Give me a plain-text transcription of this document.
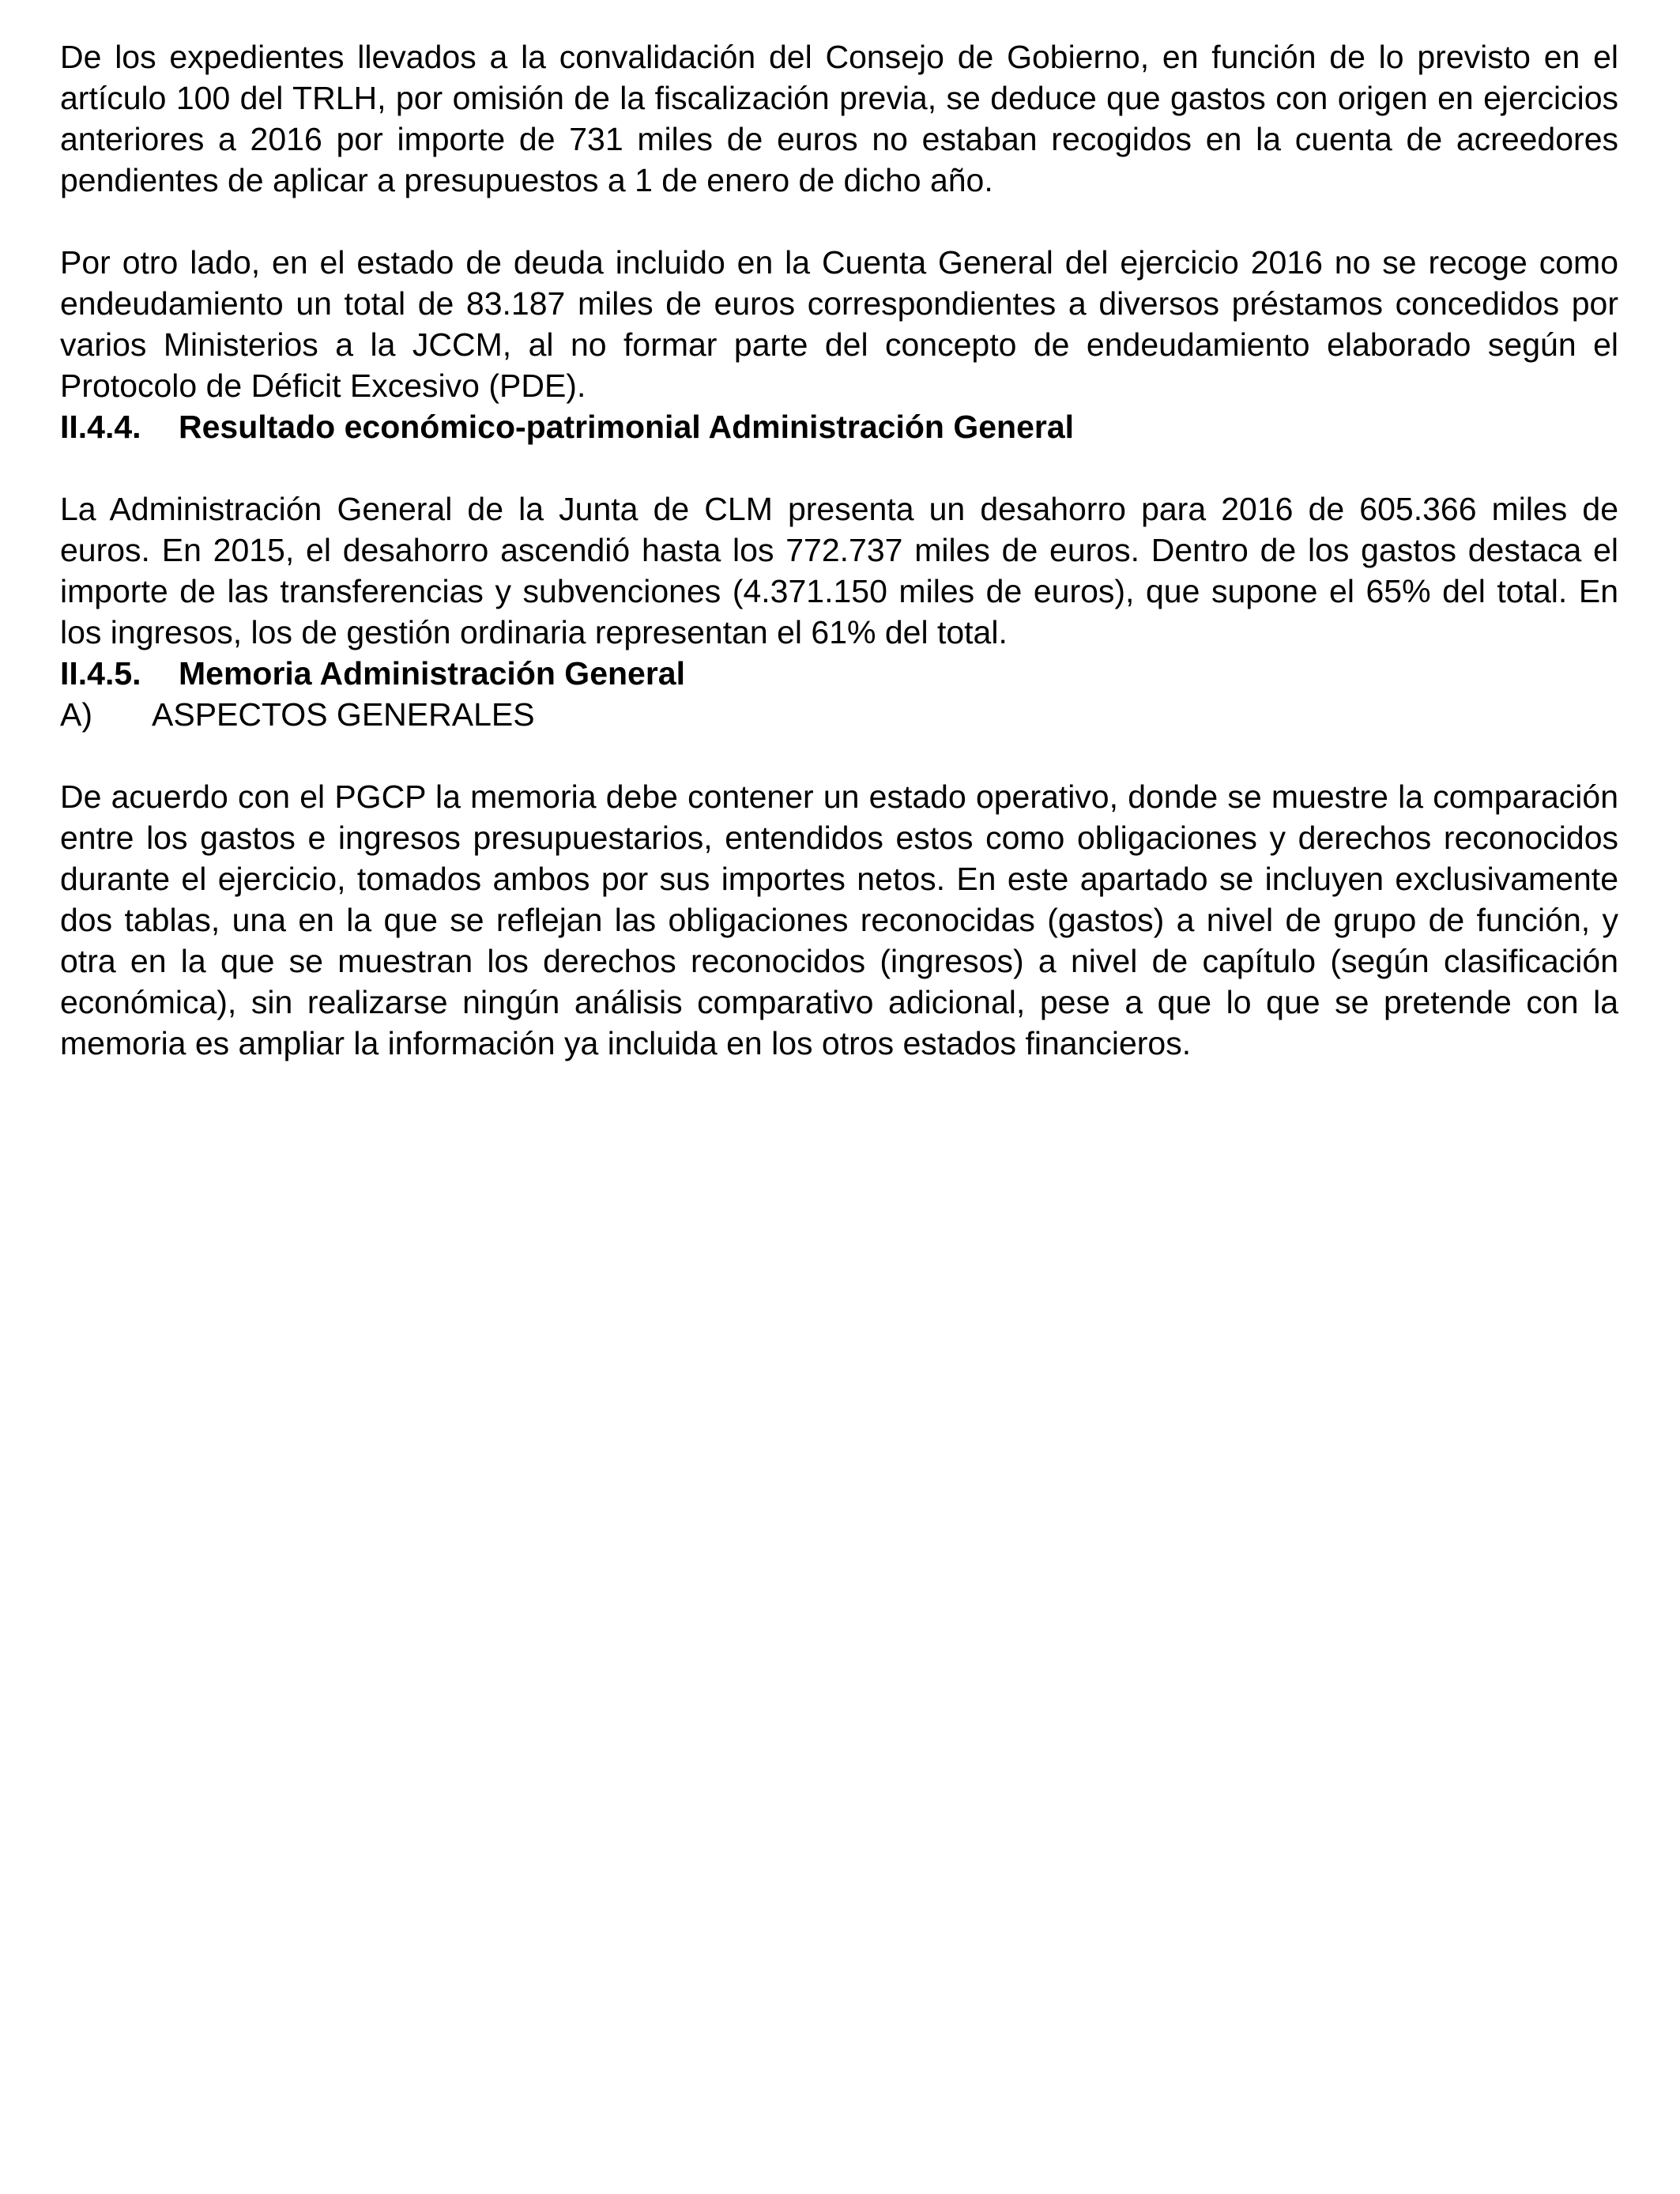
De los expedientes llevados a la convalidación del Consejo de Gobierno, en función de lo previsto en el artículo 100 del TRLH, por omisión de la fiscalización previa, se deduce que gastos con origen en ejercicios anteriores a 2016 por importe de 731 miles de euros no estaban recogidos en la cuenta de acreedores pendientes de aplicar a presupuestos a 1 de enero de dicho año.

Por otro lado, en el estado de deuda incluido en la Cuenta General del ejercicio 2016 no se recoge como endeudamiento un total de 83.187 miles de euros correspondientes a diversos préstamos concedidos por varios Ministerios a la JCCM, al no formar parte del concepto de endeudamiento elaborado según el Protocolo de Déficit Excesivo (PDE).

II.4.4.	Resultado económico-patrimonial Administración General

La Administración General de la Junta de CLM presenta un desahorro para 2016 de 605.366 miles de euros. En 2015, el desahorro ascendió hasta los 772.737 miles de euros. Dentro de los gastos destaca el importe de las transferencias y subvenciones (4.371.150 miles de euros), que supone el 65% del total. En los ingresos, los de gestión ordinaria representan el 61% del total.

II.4.5.	Memoria Administración General
A)	ASPECTOS GENERALES

De acuerdo con el PGCP la memoria debe contener un estado operativo, donde se muestre la comparación entre los gastos e ingresos presupuestarios, entendidos estos como obligaciones y derechos reconocidos durante el ejercicio, tomados ambos por sus importes netos. En este apartado se incluyen exclusivamente dos tablas, una en la que se reflejan las obligaciones reconocidas (gastos) a nivel de grupo de función, y otra en la que se muestran los derechos reconocidos (ingresos) a nivel de capítulo (según clasificación económica), sin realizarse ningún análisis comparativo adicional, pese a que lo que se pretende con la memoria es ampliar la información ya incluida en los otros estados financieros.
